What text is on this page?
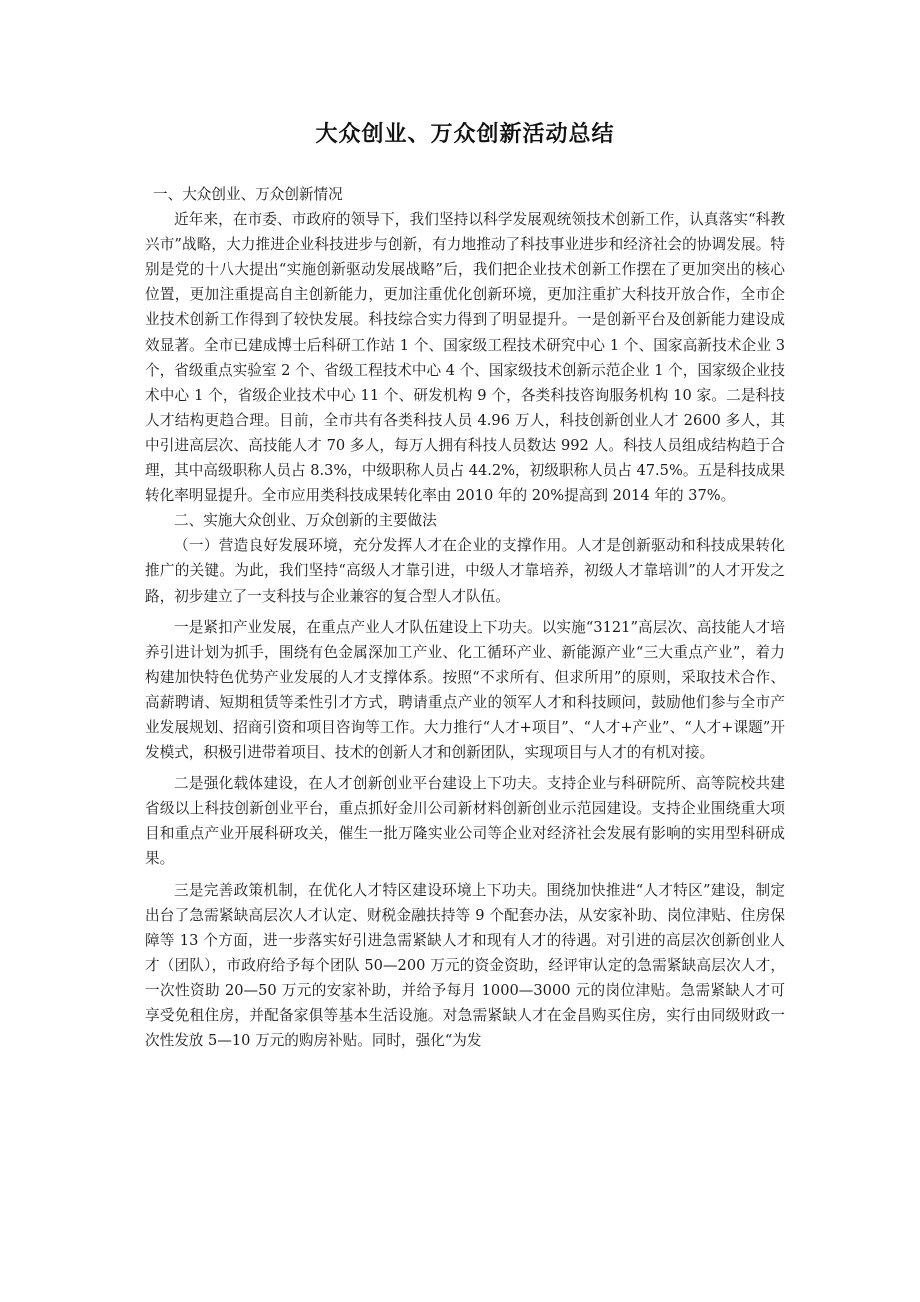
大众创业、万众创新活动总结

一、大众创业、万众创新情况

近年来，在市委、市政府的领导下，我们坚持以科学发展观统领技术创新工作，认真落实“科教兴市”战略，大力推进企业科技进步与创新，有力地推动了科技事业进步和经济社会的协调发展。特别是党的十八大提出“实施创新驱动发展战略”后，我们把企业技术创新工作摆在了更加突出的核心位置，更加注重提高自主创新能力，更加注重优化创新环境，更加注重扩大科技开放合作，全市企业技术创新工作得到了较快发展。科技综合实力得到了明显提升。一是创新平台及创新能力建设成效显著。全市已建成博士后科研工作站 1 个、国家级工程技术研究中心 1 个、国家高新技术企业 3 个，省级重点实验室 2 个、省级工程技术中心 4 个、国家级技术创新示范企业 1 个，国家级企业技术中心 1 个，省级企业技术中心 11 个、研发机构 9 个，各类科技咨询服务机构 10 家。二是科技人才结构更趋合理。目前，全市共有各类科技人员 4.96 万人，科技创新创业人才 2600 多人，其中引进高层次、高技能人才 70 多人，每万人拥有科技人员数达 992 人。科技人员组成结构趋于合理，其中高级职称人员占 8.3%，中级职称人员占 44.2%，初级职称人员占 47.5%。五是科技成果转化率明显提升。全市应用类科技成果转化率由 2010 年的 20%提高到 2014 年的 37%。

二、实施大众创业、万众创新的主要做法

（一）营造良好发展环境，充分发挥人才在企业的支撑作用。人才是创新驱动和科技成果转化推广的关键。为此，我们坚持“高级人才靠引进，中级人才靠培养，初级人才靠培训”的人才开发之路，初步建立了一支科技与企业兼容的复合型人才队伍。

一是紧扣产业发展，在重点产业人才队伍建设上下功夫。以实施“3121”高层次、高技能人才培养引进计划为抓手，围绕有色金属深加工产业、化工循环产业、新能源产业“三大重点产业”，着力构建加快特色优势产业发展的人才支撑体系。按照“不求所有、但求所用”的原则，采取技术合作、高薪聘请、短期租赁等柔性引才方式，聘请重点产业的领军人才和科技顾问，鼓励他们参与全市产业发展规划、招商引资和项目咨询等工作。大力推行“人才+项目”、“人才+产业”、“人才+课题”开发模式，积极引进带着项目、技术的创新人才和创新团队，实现项目与人才的有机对接。

二是强化载体建设，在人才创新创业平台建设上下功夫。支持企业与科研院所、高等院校共建省级以上科技创新创业平台，重点抓好金川公司新材料创新创业示范园建设。支持企业围绕重大项目和重点产业开展科研攻关，催生一批万隆实业公司等企业对经济社会发展有影响的实用型科研成果。

三是完善政策机制，在优化人才特区建设环境上下功夫。围绕加快推进“人才特区”建设，制定出台了急需紧缺高层次人才认定、财税金融扶持等 9 个配套办法，从安家补助、岗位津贴、住房保障等 13 个方面，进一步落实好引进急需紧缺人才和现有人才的待遇。对引进的高层次创新创业人才（团队），市政府给予每个团队 50—200 万元的资金资助，经评审认定的急需紧缺高层次人才，一次性资助 20—50 万元的安家补助，并给予每月 1000—3000 元的岗位津贴。急需紧缺人才可享受免租住房，并配备家俱等基本生活设施。对急需紧缺人才在金昌购买住房，实行由同级财政一次性发放 5—10 万元的购房补贴。同时，强化“为发
